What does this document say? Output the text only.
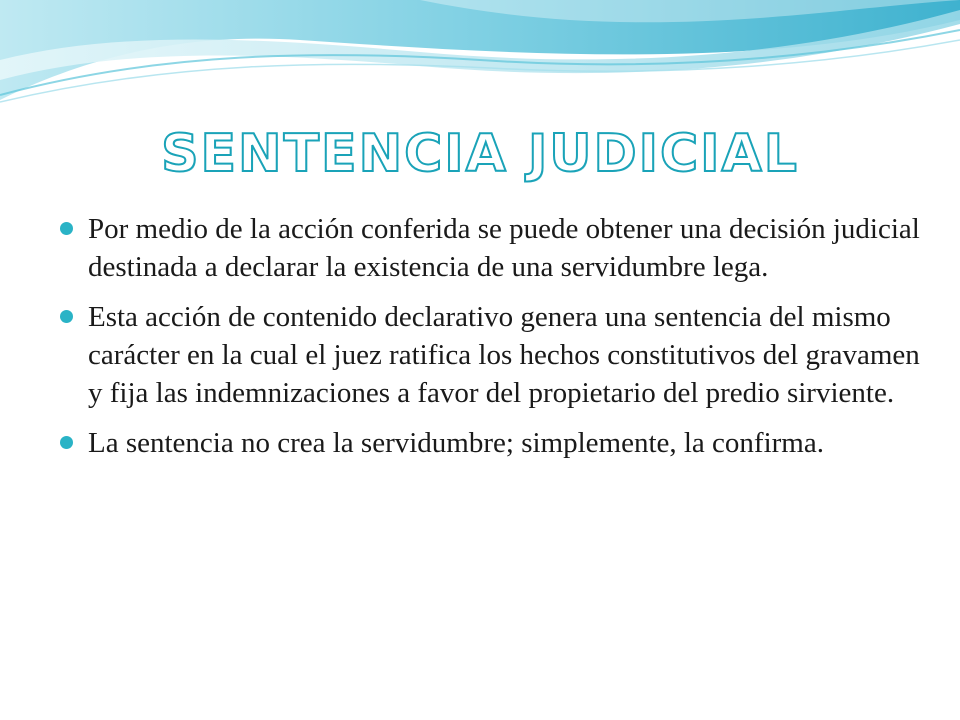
SENTENCIA JUDICIAL
Por medio de la acción conferida se puede obtener una decisión judicial destinada a declarar la existencia de una servidumbre lega.
Esta acción de contenido declarativo genera una sentencia del mismo carácter en la cual el juez ratifica los hechos constitutivos del gravamen y fija las indemnizaciones a favor del propietario del predio sirviente.
La sentencia no crea la servidumbre; simplemente, la confirma.
